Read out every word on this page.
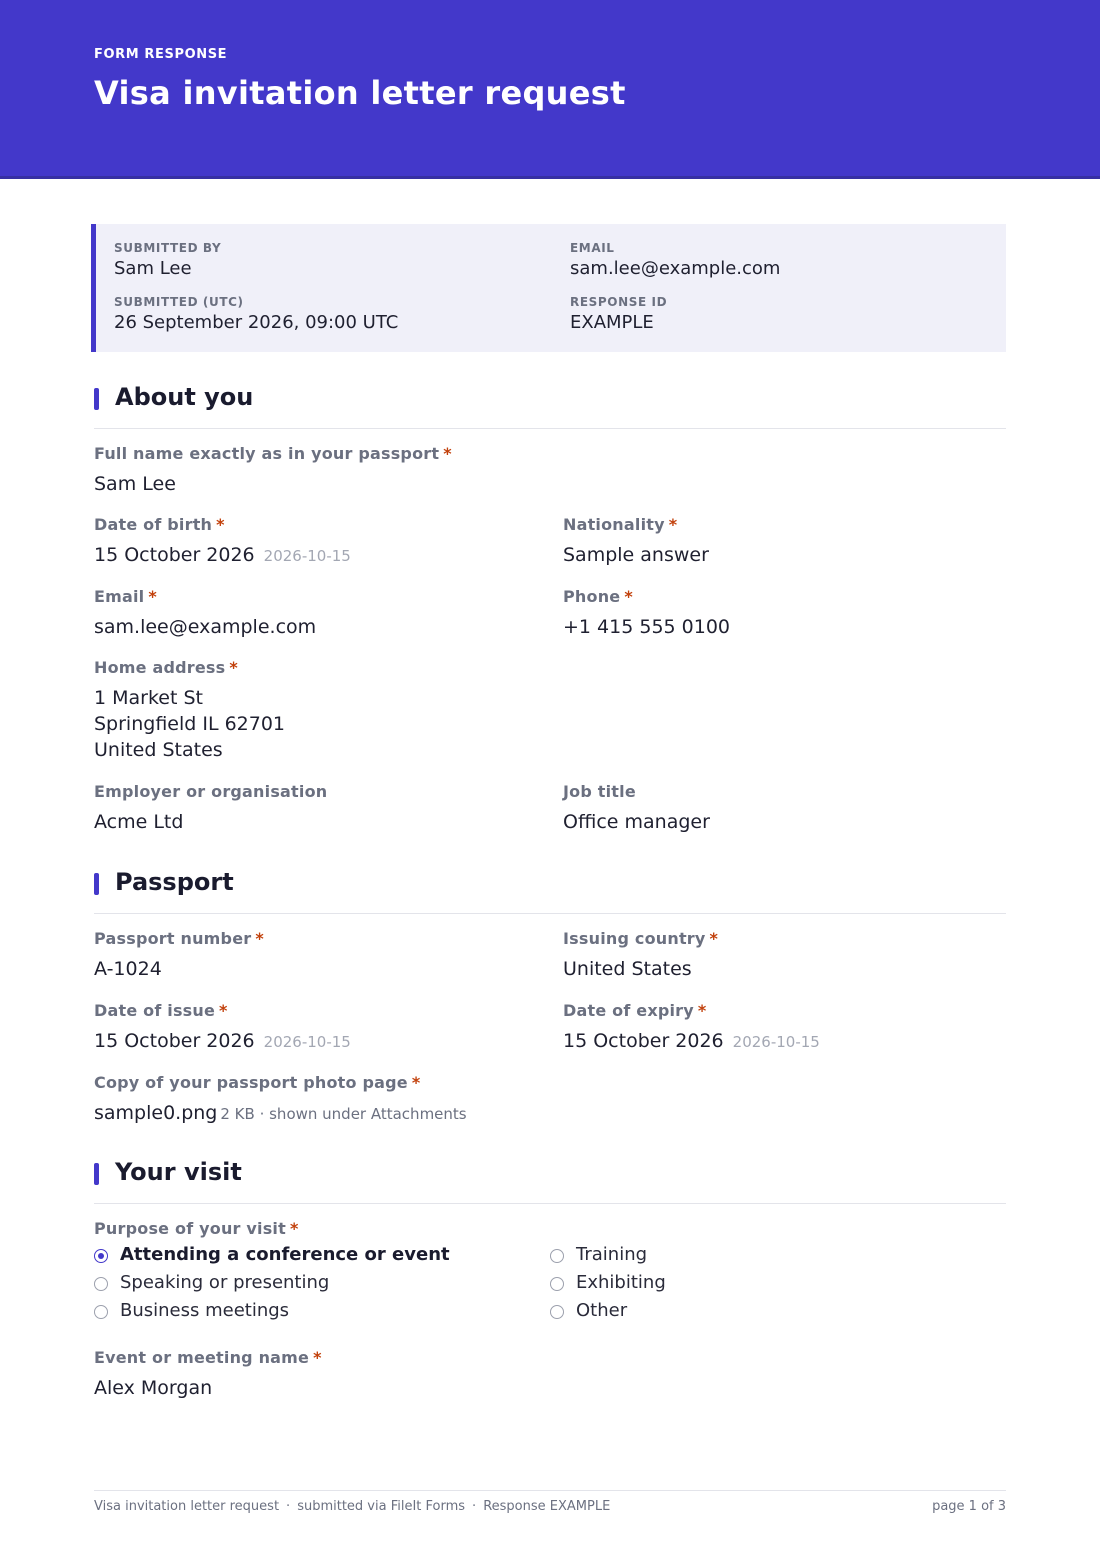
FORM RESPONSE
Visa invitation letter request
SUBMITTED BY
Sam Lee
EMAIL
sam.lee@example.com
SUBMITTED (UTC)
26 September 2026, 09:00 UTC
RESPONSE ID
EXAMPLE
About you
Full name exactly as in your passport *
Sam Lee
Date of birth *
15 October 2026 2026-10-15
Nationality *
Sample answer
Email *
sam.lee@example.com
Phone *
+1 415 555 0100
Home address *
1 Market St
Springfield IL 62701
United States
Employer or organisation
Acme Ltd
Job title
Office manager
Passport
Passport number *
A-1024
Issuing country *
United States
Date of issue *
15 October 2026 2026-10-15
Date of expiry *
15 October 2026 2026-10-15
Copy of your passport photo page *
sample0.png 2 KB · shown under Attachments
Your visit
Purpose of your visit *
Attending a conference or event
Speaking or presenting
Business meetings
Training
Exhibiting
Other
Event or meeting name *
Alex Morgan
Visa invitation letter request · submitted via FileIt Forms · Response EXAMPLE	page 1 of 3
